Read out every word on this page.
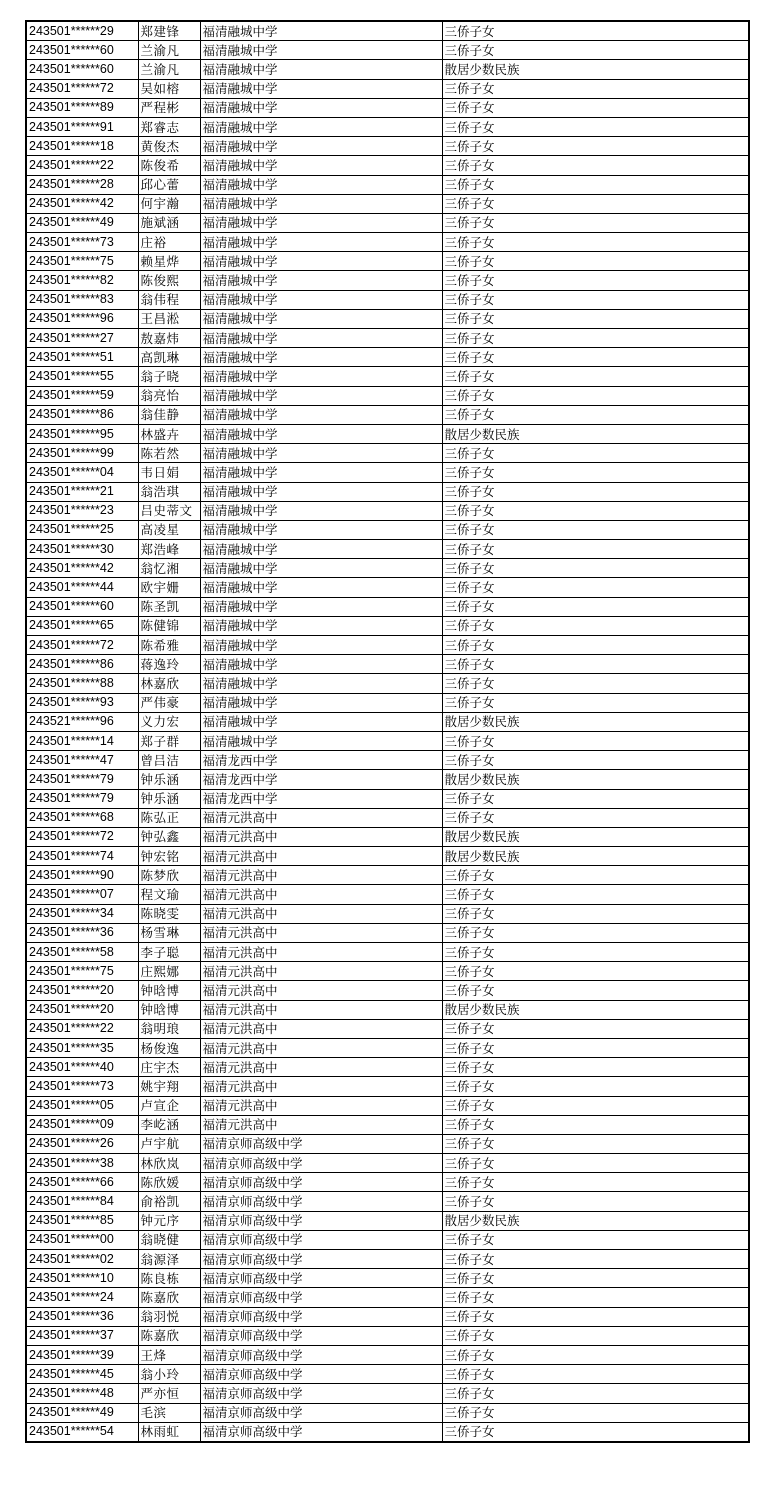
243501******29	郑建锋	福清融城中学	三侨子女
243501******60	兰渝凡	福清融城中学	三侨子女
243501******60	兰渝凡	福清融城中学	散居少数民族
243501******72	吴如榕	福清融城中学	三侨子女
243501******89	严程彬	福清融城中学	三侨子女
243501******91	郑睿志	福清融城中学	三侨子女
243501******18	黄俊杰	福清融城中学	三侨子女
243501******22	陈俊希	福清融城中学	三侨子女
243501******28	邱心蕾	福清融城中学	三侨子女
243501******42	何宇瀚	福清融城中学	三侨子女
243501******49	施斌涵	福清融城中学	三侨子女
243501******73	庄裕	福清融城中学	三侨子女
243501******75	赖星烨	福清融城中学	三侨子女
243501******82	陈俊熙	福清融城中学	三侨子女
243501******83	翁伟程	福清融城中学	三侨子女
243501******96	王昌淞	福清融城中学	三侨子女
243501******27	敖嘉炜	福清融城中学	三侨子女
243501******51	高凯琳	福清融城中学	三侨子女
243501******55	翁子晓	福清融城中学	三侨子女
243501******59	翁亮怡	福清融城中学	三侨子女
243501******86	翁佳静	福清融城中学	三侨子女
243501******95	林盛卉	福清融城中学	散居少数民族
243501******99	陈若然	福清融城中学	三侨子女
243501******04	韦日娟	福清融城中学	三侨子女
243501******21	翁浩琪	福清融城中学	三侨子女
243501******23	吕史蒂文	福清融城中学	三侨子女
243501******25	高凌星	福清融城中学	三侨子女
243501******30	郑浩峰	福清融城中学	三侨子女
243501******42	翁忆湘	福清融城中学	三侨子女
243501******44	欧宇姗	福清融城中学	三侨子女
243501******60	陈圣凯	福清融城中学	三侨子女
243501******65	陈健锦	福清融城中学	三侨子女
243501******72	陈希雅	福清融城中学	三侨子女
243501******86	蒋逸玲	福清融城中学	三侨子女
243501******88	林嘉欣	福清融城中学	三侨子女
243501******93	严伟豪	福清融城中学	三侨子女
243521******96	义力宏	福清融城中学	散居少数民族
243501******14	郑子群	福清融城中学	三侨子女
243501******47	曾吕洁	福清龙西中学	三侨子女
243501******79	钟乐涵	福清龙西中学	散居少数民族
243501******79	钟乐涵	福清龙西中学	三侨子女
243501******68	陈弘正	福清元洪高中	三侨子女
243501******72	钟弘鑫	福清元洪高中	散居少数民族
243501******74	钟宏铭	福清元洪高中	散居少数民族
243501******90	陈梦欣	福清元洪高中	三侨子女
243501******07	程文瑜	福清元洪高中	三侨子女
243501******34	陈晓雯	福清元洪高中	三侨子女
243501******36	杨雪琳	福清元洪高中	三侨子女
243501******58	李子聪	福清元洪高中	三侨子女
243501******75	庄熙娜	福清元洪高中	三侨子女
243501******20	钟晗博	福清元洪高中	三侨子女
243501******20	钟晗博	福清元洪高中	散居少数民族
243501******22	翁明琅	福清元洪高中	三侨子女
243501******35	杨俊逸	福清元洪高中	三侨子女
243501******40	庄宇杰	福清元洪高中	三侨子女
243501******73	姚宇翔	福清元洪高中	三侨子女
243501******05	卢宣企	福清元洪高中	三侨子女
243501******09	李屹涵	福清元洪高中	三侨子女
243501******26	卢宇航	福清京师高级中学	三侨子女
243501******38	林欣岚	福清京师高级中学	三侨子女
243501******66	陈欣媛	福清京师高级中学	三侨子女
243501******84	俞裕凯	福清京师高级中学	三侨子女
243501******85	钟元序	福清京师高级中学	散居少数民族
243501******00	翁晓健	福清京师高级中学	三侨子女
243501******02	翁源泽	福清京师高级中学	三侨子女
243501******10	陈良栋	福清京师高级中学	三侨子女
243501******24	陈嘉欣	福清京师高级中学	三侨子女
243501******36	翁羽悦	福清京师高级中学	三侨子女
243501******37	陈嘉欣	福清京师高级中学	三侨子女
243501******39	王烽	福清京师高级中学	三侨子女
243501******45	翁小玲	福清京师高级中学	三侨子女
243501******48	严亦恒	福清京师高级中学	三侨子女
243501******49	毛滨	福清京师高级中学	三侨子女
243501******54	林雨虹	福清京师高级中学	三侨子女
